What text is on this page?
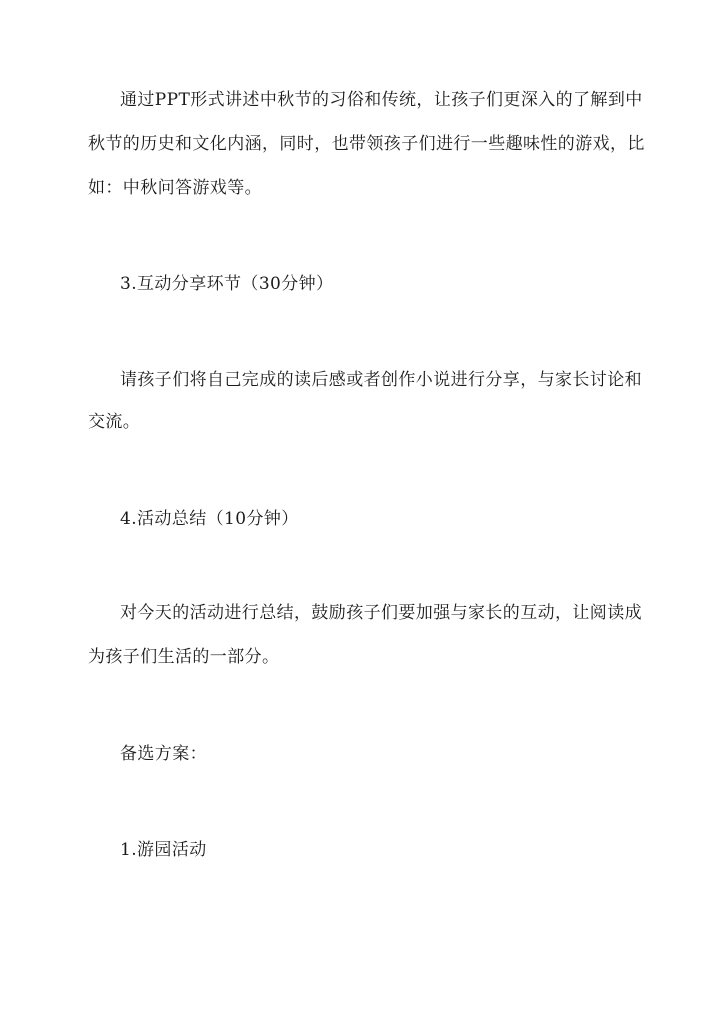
通过PPT形式讲述中秋节的习俗和传统，让孩子们更深入的了解到中
秋节的历史和文化内涵，同时，也带领孩子们进行一些趣味性的游戏，比
如：中秋问答游戏等。
3.互动分享环节（30分钟）
请孩子们将自己完成的读后感或者创作小说进行分享，与家长讨论和
交流。
4.活动总结（10分钟）
对今天的活动进行总结，鼓励孩子们要加强与家长的互动，让阅读成
为孩子们生活的一部分。
备选方案：
1.游园活动
